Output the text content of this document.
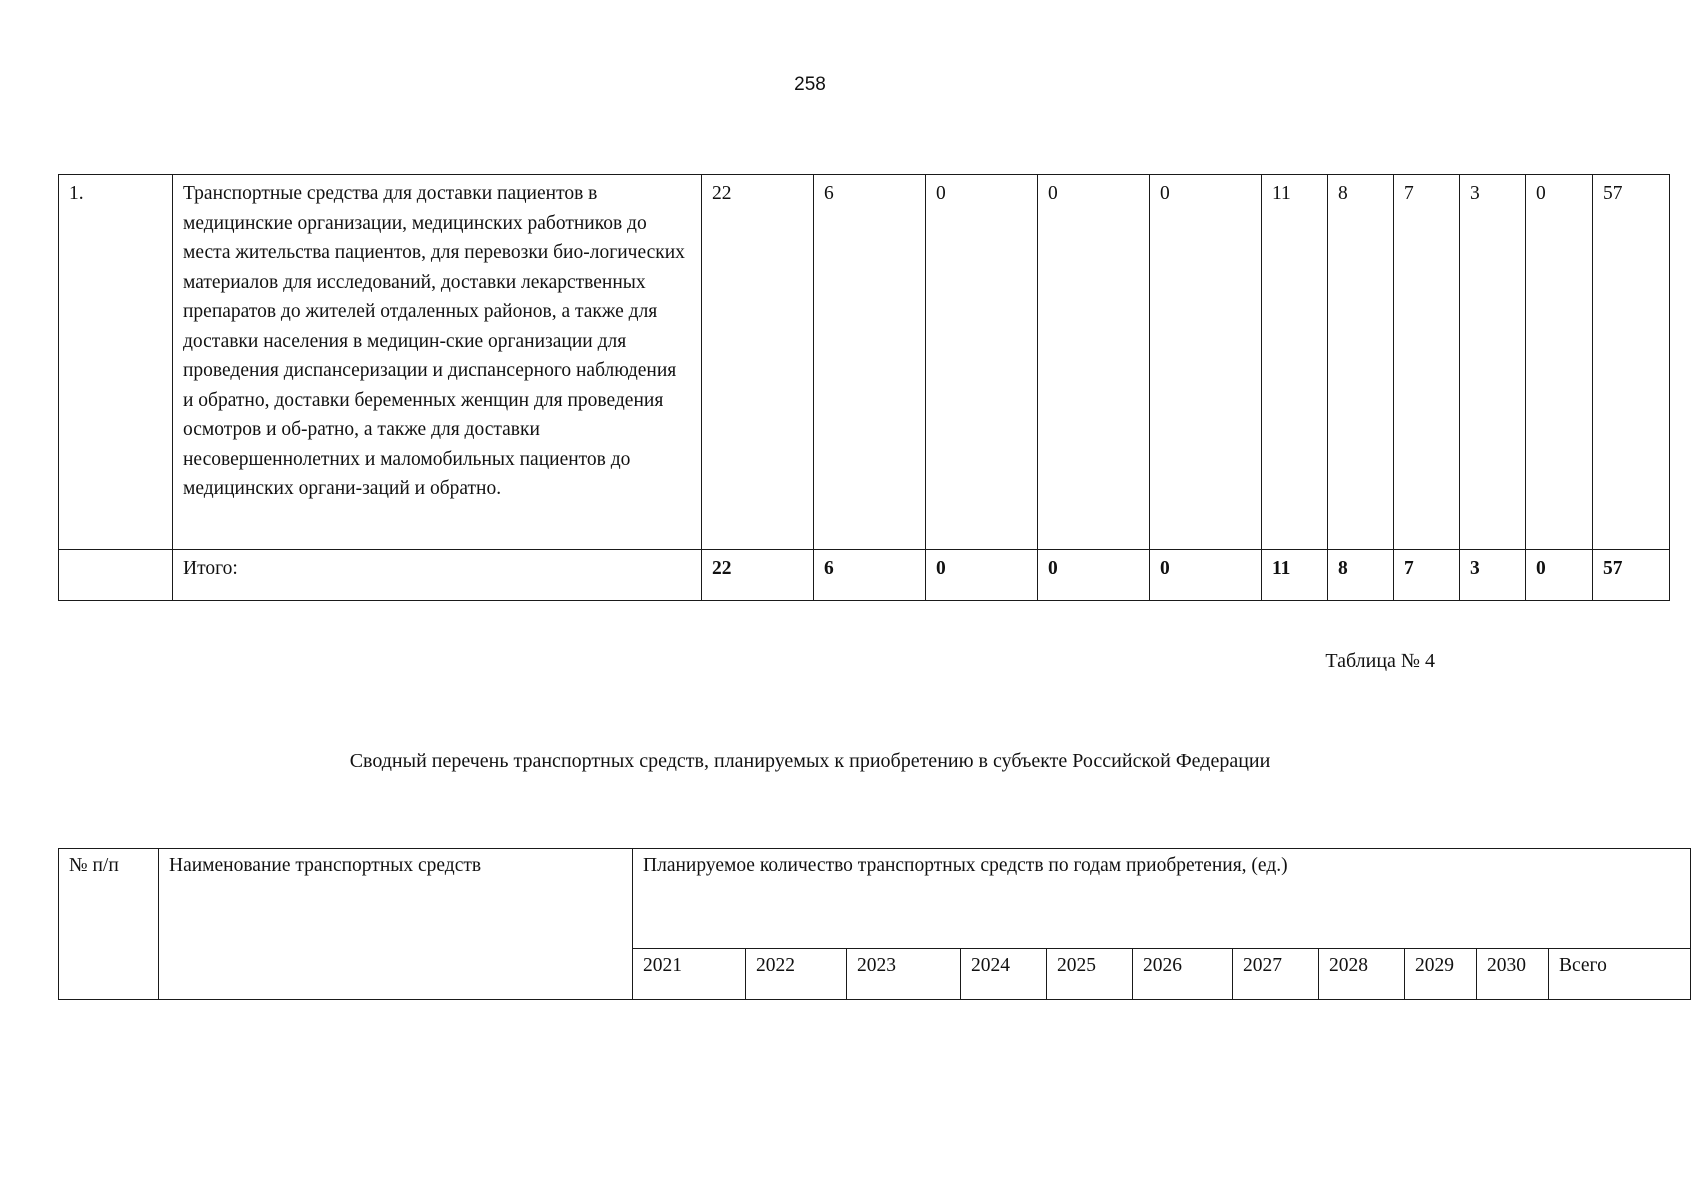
258
1.	Транспортные средства для доставки пациентов в медицинские организации, медицинских работников до места жительства пациентов, для перевозки био-логических материалов для исследований, доставки лекарственных препаратов до жителей отдаленных районов, а также для доставки населения в медицин-ские организации для проведения диспансеризации и диспансерного наблюдения и обратно, доставки беременных женщин для проведения осмотров и об-ратно, а также для доставки несовершеннолетних и маломобильных пациентов до медицинских органи-заций и обратно.	22	6	0	0	0	11	8	7	3	0	57
	Итого:	22	6	0	0	0	11	8	7	3	0	57
Таблица № 4
Сводный перечень транспортных средств, планируемых к приобретению в субъекте Российской Федерации
№ п/п	Наименование транспортных средств	Планируемое количество транспортных средств по годам приобретения, (ед.)										
		2021	2022	2023	2024	2025	2026	2027	2028	2029	2030	Всего
